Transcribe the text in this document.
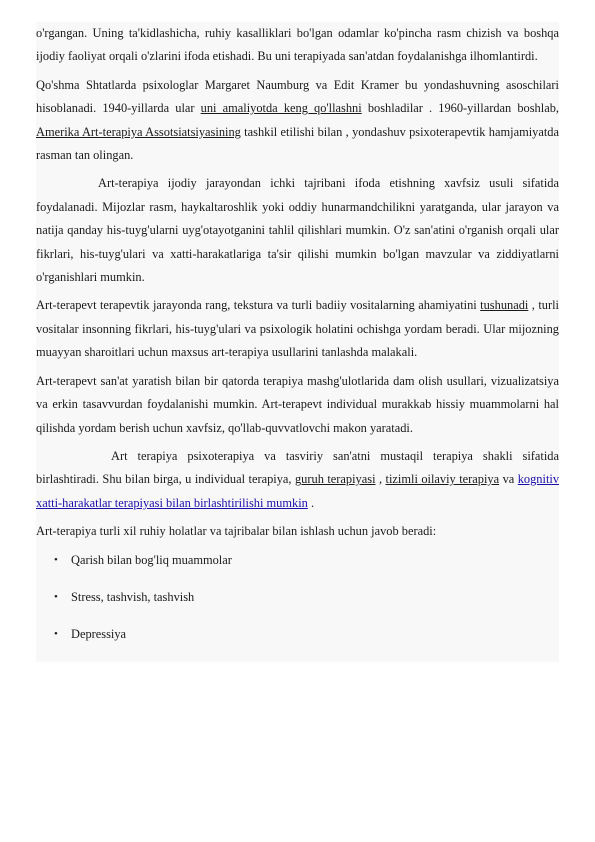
o'rgangan. Uning ta'kidlashicha, ruhiy kasalliklari bo'lgan odamlar ko'pincha rasm chizish va boshqa ijodiy faoliyat orqali o'zlarini ifoda etishadi. Bu uni terapiyada san'atdan foydalanishga ilhomlantirdi.

Qo'shma Shtatlarda psixologlar Margaret Naumburg va Edit Kramer bu yondashuvning asoschilari hisoblanadi. 1940-yillarda ular uni amaliyotda keng qo'llashni boshladilar . 1960-yillardan boshlab, Amerika Art-terapiya Assotsiatsiyasining tashkil etilishi bilan , yondashuv psixoterapevtik hamjamiyatda rasman tan olingan.

Art-terapiya ijodiy jarayondan ichki tajribani ifoda etishning xavfsiz usuli sifatida foydalanadi. Mijozlar rasm, haykaltaroshlik yoki oddiy hunarmandchilikni yaratganda, ular jarayon va natija qanday his-tuyg'ularni uyg'otayotganini tahlil qilishlari mumkin. O'z san'atini o'rganish orqali ular fikrlari, his-tuyg'ulari va xatti-harakatlariga ta'sir qilishi mumkin bo'lgan mavzular va ziddiyatlarni o'rganishlari mumkin.

Art-terapevt terapevtik jarayonda rang, tekstura va turli badiiy vositalarning ahamiyatini tushunadi , turli vositalar insonning fikrlari, his-tuyg'ulari va psixologik holatini ochishga yordam beradi. Ular mijozning muayyan sharoitlari uchun maxsus art-terapiya usullarini tanlashda malakali.

Art-terapevt san'at yaratish bilan bir qatorda terapiya mashg'ulotlarida dam olish usullari, vizualizatsiya va erkin tasavvurdan foydalanishi mumkin. Art-terapevt individual murakkab hissiy muammolarni hal qilishda yordam berish uchun xavfsiz, qo'llab-quvvatlovchi makon yaratadi.

Art terapiya psixoterapiya va tasviriy san'atni mustaqil terapiya shakli sifatida birlashtiradi. Shu bilan birga, u individual terapiya, guruh terapiyasi , tizimli oilaviy terapiya va kognitiv xatti-harakatlar terapiyasi bilan birlashtirilishi mumkin .

Art-terapiya turli xil ruhiy holatlar va tajribalar bilan ishlash uchun javob beradi:

• Qarish bilan bog'liq muammolar
• Stress, tashvish, tashvish
• Depressiya
